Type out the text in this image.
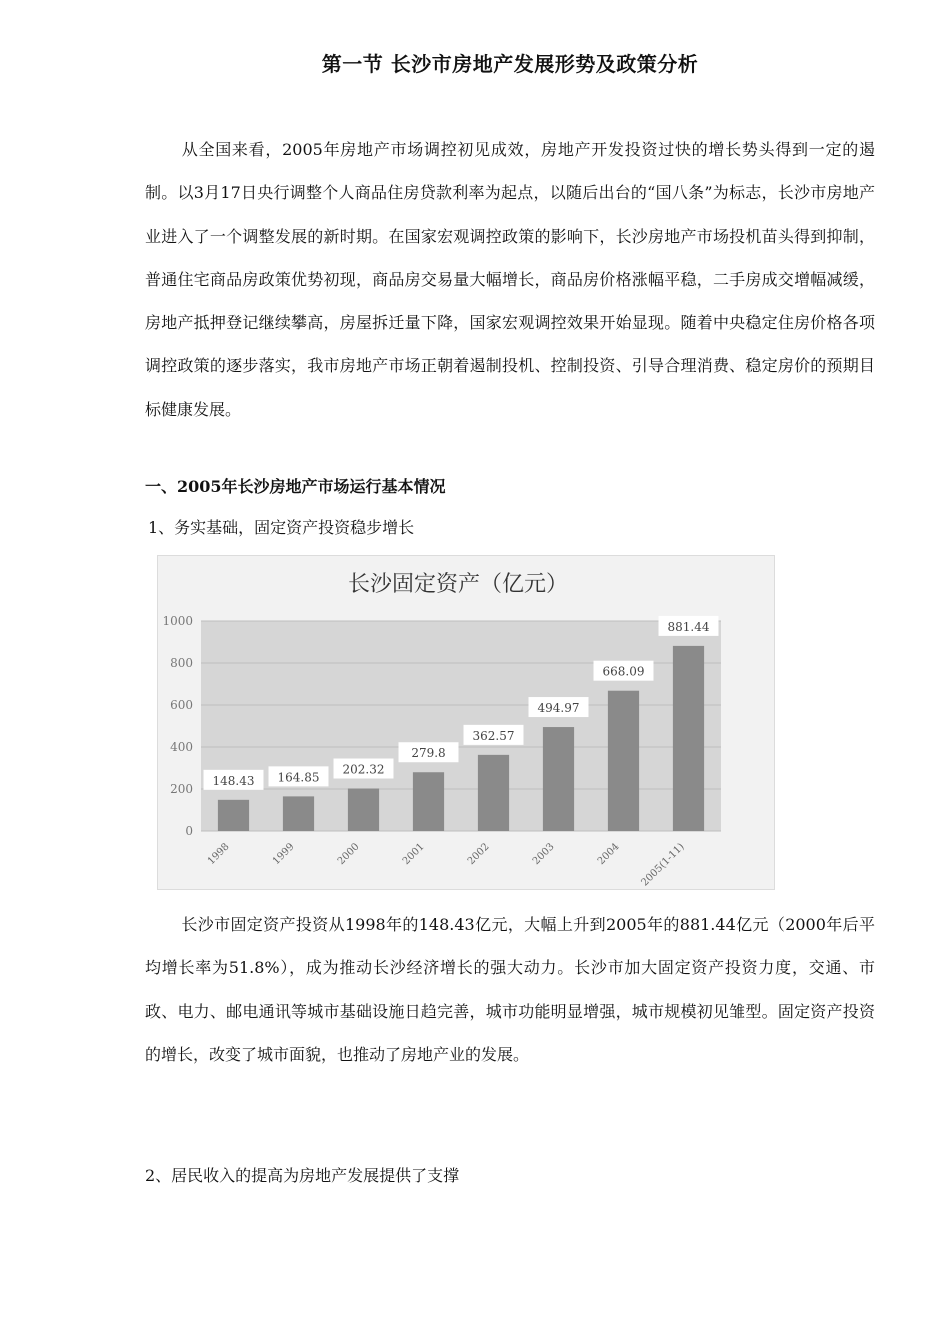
第一节 长沙市房地产发展形势及政策分析
从全国来看，2005年房地产市场调控初见成效，房地产开发投资过快的增长势头得到一定的遏制。以3月17日央行调整个人商品住房贷款利率为起点，以随后出台的“国八条”为标志，长沙市房地产业进入了一个调整发展的新时期。在国家宏观调控政策的影响下，长沙房地产市场投机苗头得到抑制，普通住宅商品房政策优势初现，商品房交易量大幅增长，商品房价格涨幅平稳，二手房成交增幅减缓，房地产抵押登记继续攀高，房屋拆迁量下降，国家宏观调控效果开始显现。随着中央稳定住房价格各项调控政策的逐步落实，我市房地产市场正朝着遏制投机、控制投资、引导合理消费、稳定房价的预期目标健康发展。
一、2005年长沙房地产市场运行基本情况
1、务实基础，固定资产投资稳步增长
长沙固定资产（亿元）
0
200
400
600
800
1000
148.43
1998
164.85
1999
202.32
2000
279.8
2001
362.57
2002
494.97
2003
668.09
2004
881.44
2005(1-11)
长沙市固定资产投资从1998年的148.43亿元，大幅上升到2005年的881.44亿元（2000年后平均增长率为51.8%），成为推动长沙经济增长的强大动力。长沙市加大固定资产投资力度，交通、市政、电力、邮电通讯等城市基础设施日趋完善，城市功能明显增强，城市规模初见雏型。固定资产投资的增长，改变了城市面貌，也推动了房地产业的发展。
2、居民收入的提高为房地产发展提供了支撑
